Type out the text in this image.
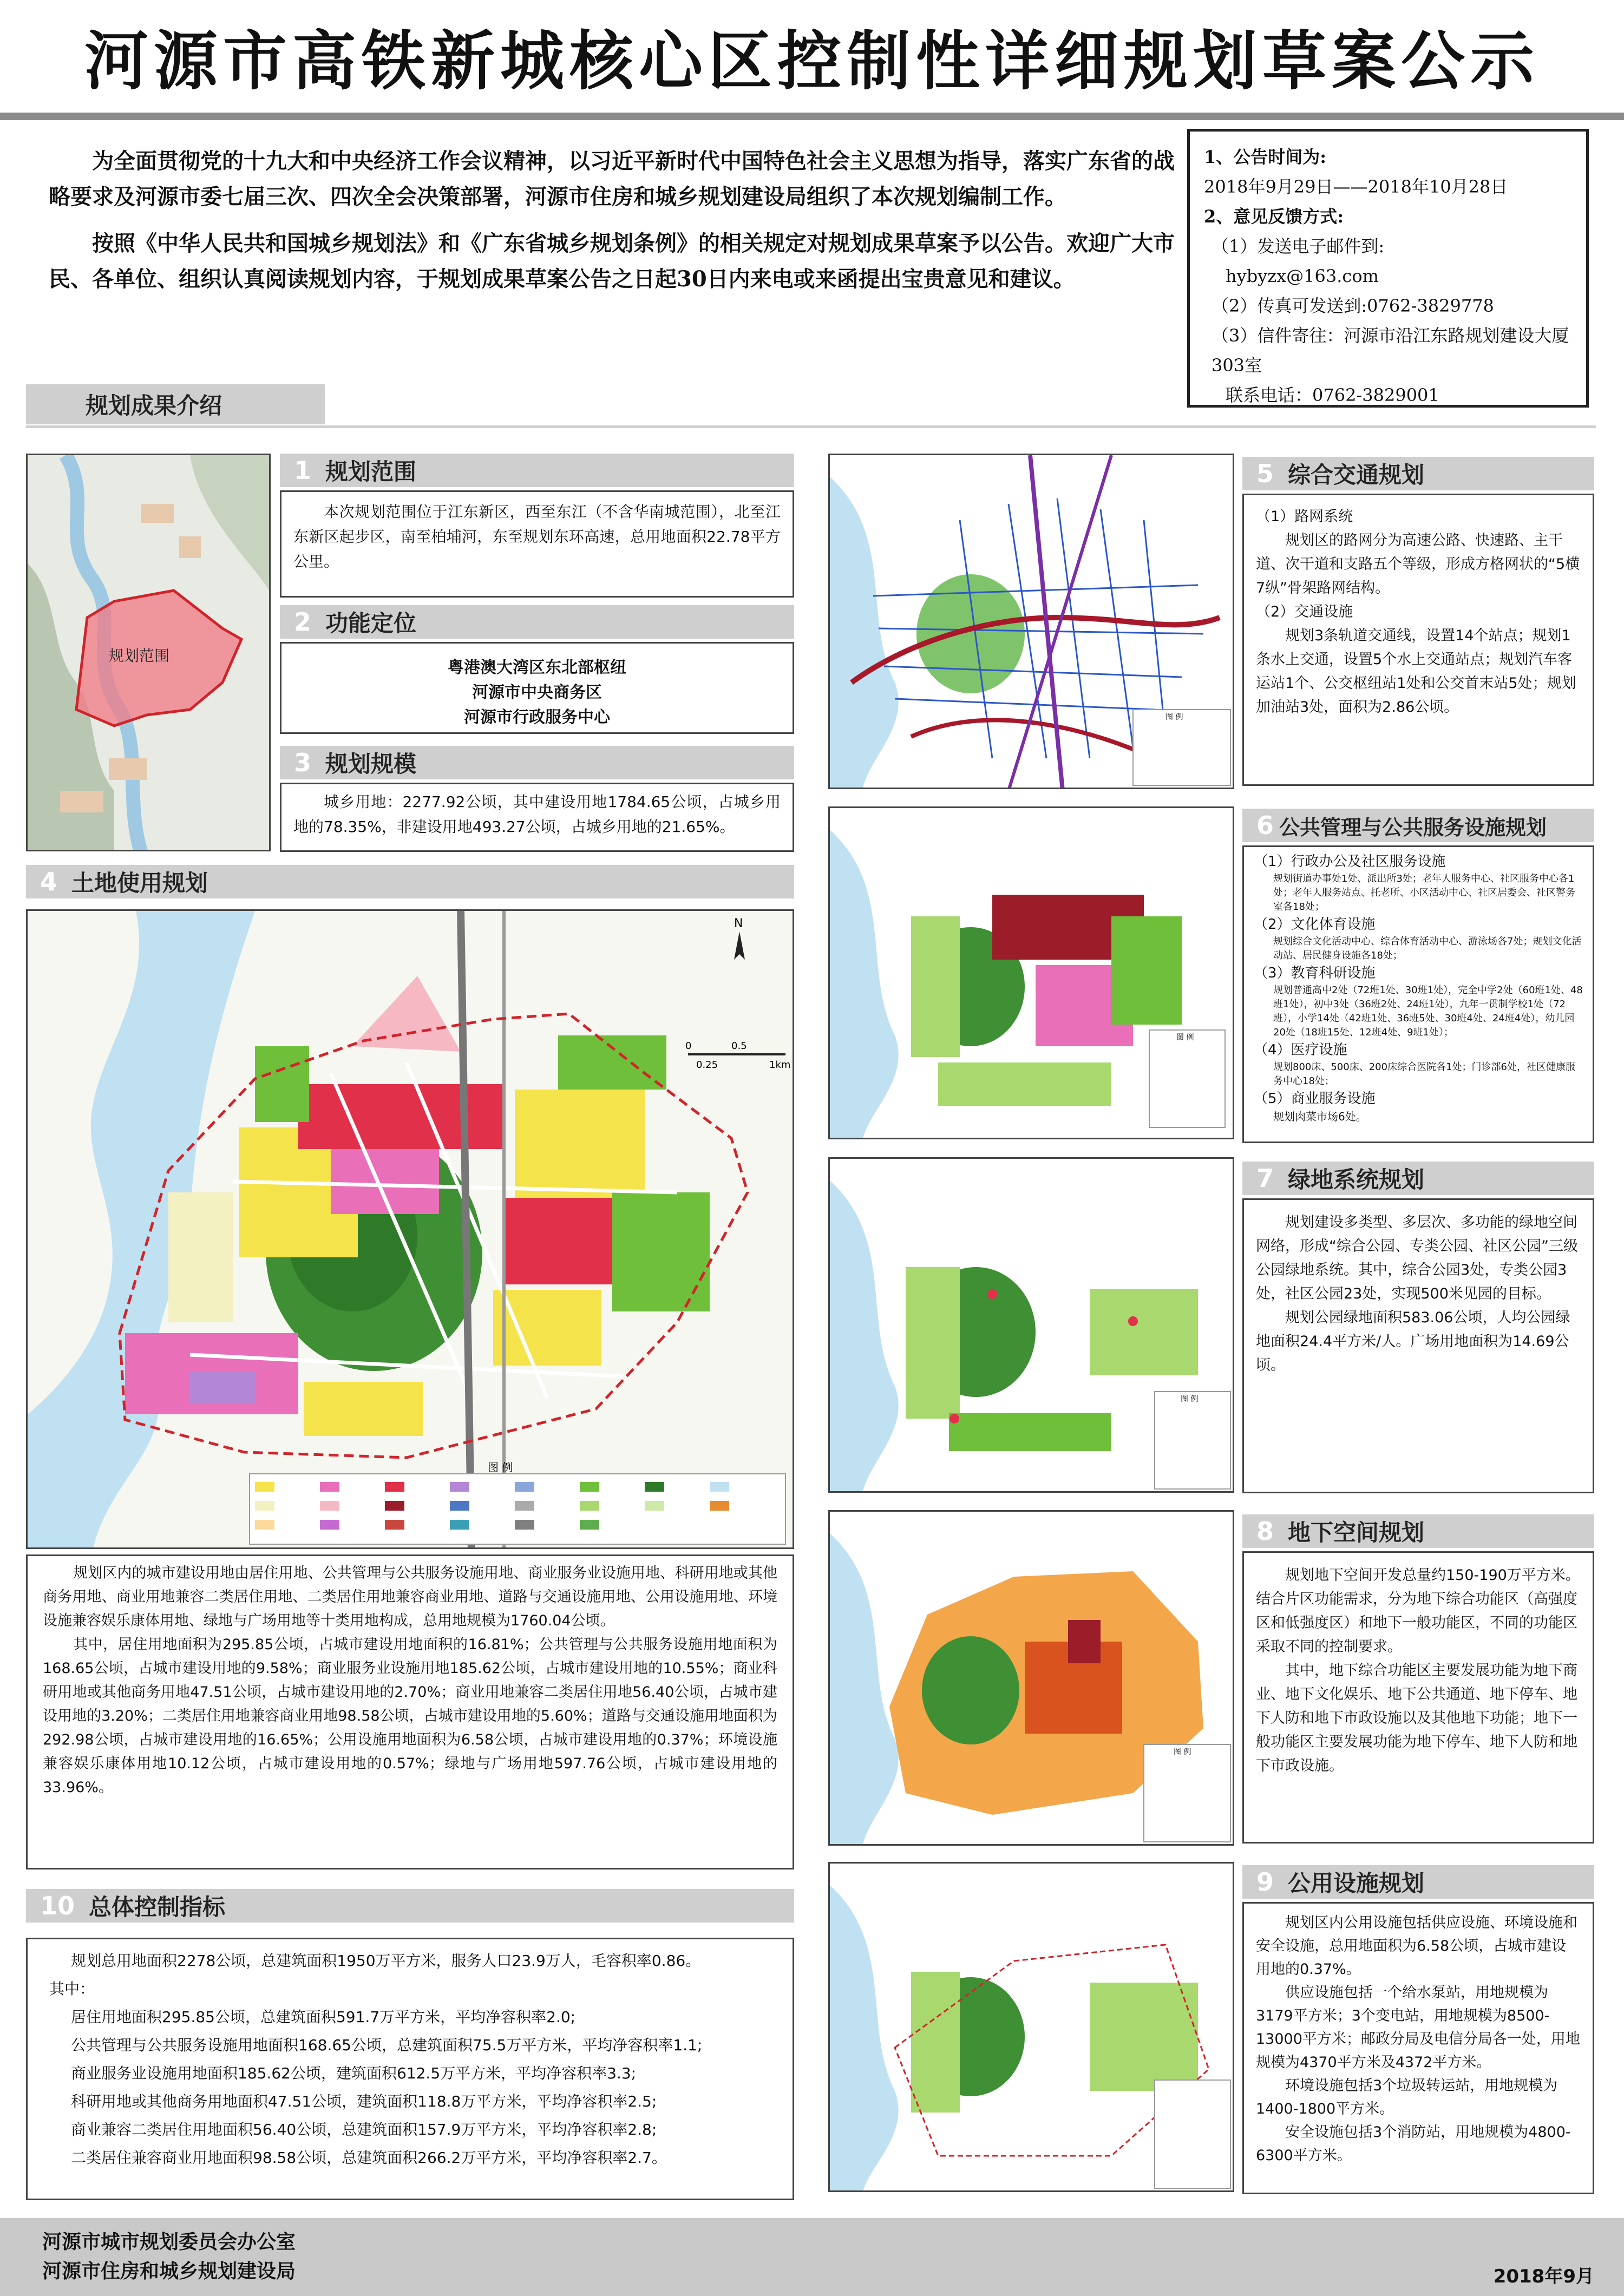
河源市高铁新城核心区控制性详细规划草案公示

为全面贯彻党的十九大和中央经济工作会议精神，以习近平新时代中国特色社会主义思想为指导，落实广东省的战略要求及河源市委七届三次、四次全会决策部署，河源市住房和城乡规划建设局组织了本次规划编制工作。

按照《中华人民共和国城乡规划法》和《广东省城乡规划条例》的相关规定对规划成果草案予以公告。欢迎广大市民、各单位、组织认真阅读规划内容，于规划成果草案公告之日起30日内来电或来函提出宝贵意见和建议。

1、公告时间为:
2018年9月29日——2018年10月28日
2、意见反馈方式:
（1）发送电子邮件到:
hybyzx@163.com
（2）传真可发送到:0762-3829778
（3）信件寄往：河源市沿江东路规划建设大厦 303室
联系电话：0762-3829001
规划成果介绍
规划范围
1 规划范围

本次规划范围位于江东新区，西至东江（不含华南城范围），北至江东新区起步区，南至柏埔河，东至规划东环高速，总用地面积22.78平方公里。

2 功能定位
粤港澳大湾区东北部枢纽
河源市中央商务区
河源市行政服务中心
3 规划规模

城乡用地：2277.92公顷，其中建设用地1784.65公顷，占城乡用地的78.35%，非建设用地493.27公顷，占城乡用地的21.65%。

4 土地使用规划
N
0	0.5
0.25	1km
图 例

规划区内的城市建设用地由居住用地、公共管理与公共服务设施用地、商业服务业设施用地、科研用地或其他商务用地、商业用地兼容二类居住用地、二类居住用地兼容商业用地、道路与交通设施用地、公用设施用地、环境设施兼容娱乐康体用地、绿地与广场用地等十类用地构成，总用地规模为1760.04公顷。

其中，居住用地面积为295.85公顷，占城市建设用地面积的16.81%；公共管理与公共服务设施用地面积为168.65公顷，占城市建设用地的9.58%；商业服务业设施用地185.62公顷，占城市建设用地的10.55%；商业科研用地或其他商务用地47.51公顷，占城市建设用地的2.70%；商业用地兼容二类居住用地56.40公顷，占城市建设用地的3.20%；二类居住用地兼容商业用地98.58公顷，占城市建设用地的5.60%；道路与交通设施用地面积为292.98公顷，占城市建设用地的16.65%；公用设施用地面积为6.58公顷，占城市建设用地的0.37%；环境设施兼容娱乐康体用地10.12公顷，占城市建设用地的0.57%；绿地与广场用地597.76公顷，占城市建设用地的33.96%。

10 总体控制指标
规划总用地面积2278公顷，总建筑面积1950万平方米，服务人口23.9万人，毛容积率0.86。
其中：
居住用地面积295.85公顷，总建筑面积591.7万平方米，平均净容积率2.0;
公共管理与公共服务设施用地面积168.65公顷，总建筑面积75.5万平方米，平均净容积率1.1;
商业服务业设施用地面积185.62公顷，建筑面积612.5万平方米，平均净容积率3.3;
科研用地或其他商务用地面积47.51公顷，建筑面积118.8万平方米，平均净容积率2.5;
商业兼容二类居住用地面积56.40公顷，总建筑面积157.9万平方米，平均净容积率2.8;
二类居住兼容商业用地面积98.58公顷，总建筑面积266.2万平方米，平均净容积率2.7。
图 例
图 例
图 例
图 例
5 综合交通规划
（1）路网系统
规划区的路网分为高速公路、快速路、主干道、次干道和支路五个等级，形成方格网状的“5横7纵”骨架路网结构。
（2）交通设施
规划3条轨道交通线，设置14个站点；规划1条水上交通，设置5个水上交通站点；规划汽车客运站1个、公交枢纽站1处和公交首末站5处；规划加油站3处，面积为2.86公顷。
6 公共管理与公共服务设施规划
（1）行政办公及社区服务设施
规划街道办事处1处、派出所3处；老年人服务中心、社区服务中心各1处；老年人服务站点、托老所、小区活动中心、社区居委会、社区警务室各18处；
（2）文化体育设施
规划综合文化活动中心、综合体育活动中心、游泳场各7处；规划文化活动站、居民健身设施各18处；
（3）教育科研设施
规划普通高中2处（72班1处、30班1处），完全中学2处（60班1处、48班1处），初中3处（36班2处、24班1处），九年一贯制学校1处（72班），小学14处（42班1处、36班5处、30班4处、24班4处），幼儿园20处（18班15处、12班4处、9班1处）；
（4）医疗设施
规划800床、500床、200床综合医院各1处；门诊部6处，社区健康服务中心18处；
（5）商业服务设施
规划肉菜市场6处。
7 绿地系统规划
规划建设多类型、多层次、多功能的绿地空间网络，形成“综合公园、专类公园、社区公园”三级公园绿地系统。其中，综合公园3处，专类公园3处，社区公园23处，实现500米见园的目标。
规划公园绿地面积583.06公顷，人均公园绿地面积24.4平方米/人。广场用地面积为14.69公顷。
8 地下空间规划
规划地下空间开发总量约150-190万平方米。结合片区功能需求，分为地下综合功能区（高强度区和低强度区）和地下一般功能区，不同的功能区采取不同的控制要求。
其中，地下综合功能区主要发展功能为地下商业、地下文化娱乐、地下公共通道、地下停车、地下人防和地下市政设施以及其他地下功能；地下一般功能区主要发展功能为地下停车、地下人防和地下市政设施。
9 公用设施规划
规划区内公用设施包括供应设施、环境设施和安全设施，总用地面积为6.58公顷，占城市建设用地的0.37%。
供应设施包括一个给水泵站，用地规模为3179平方米；3个变电站，用地规模为8500-13000平方米；邮政分局及电信分局各一处，用地规模为4370平方米及4372平方米。
环境设施包括3个垃圾转运站，用地规模为1400-1800平方米。
安全设施包括3个消防站，用地规模为4800-6300平方米。
河源市城市规划委员会办公室
河源市住房和城乡规划建设局	2018年9月
